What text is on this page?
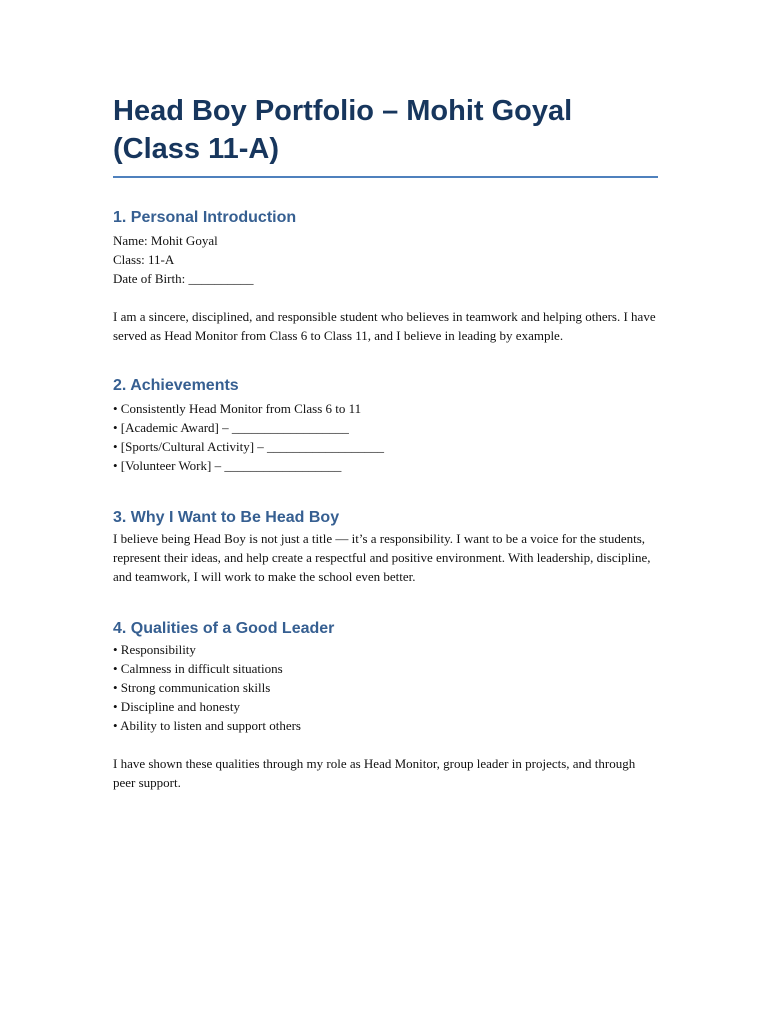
Head Boy Portfolio – Mohit Goyal (Class 11-A)
1. Personal Introduction

Name: Mohit Goyal

Class: 11-A

Date of Birth: __________

I am a sincere, disciplined, and responsible student who believes in teamwork and helping others. I have served as Head Monitor from Class 6 to Class 11, and I believe in leading by example.

2. Achievements

• Consistently Head Monitor from Class 6 to 11

• [Academic Award] – __________________

• [Sports/Cultural Activity] – __________________

• [Volunteer Work] – __________________

3. Why I Want to Be Head Boy

I believe being Head Boy is not just a title — it’s a responsibility. I want to be a voice for the students, represent their ideas, and help create a respectful and positive environment. With leadership, discipline, and teamwork, I will work to make the school even better.

4. Qualities of a Good Leader

• Responsibility

• Calmness in difficult situations

• Strong communication skills

• Discipline and honesty

• Ability to listen and support others

I have shown these qualities through my role as Head Monitor, group leader in projects, and through peer support.
